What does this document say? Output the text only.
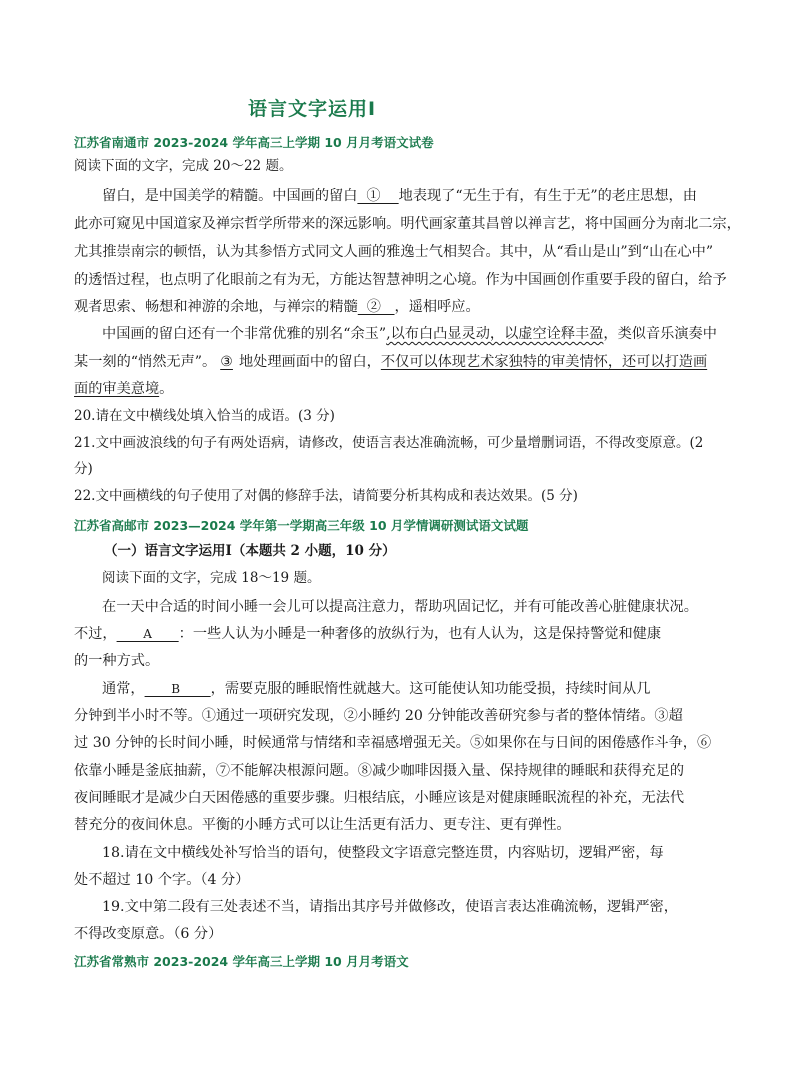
语言文字运用Ⅰ
江苏省南通市 2023-2024 学年高三上学期 10 月月考语文试卷
阅读下面的文字，完成 20～22 题。
留白，是中国美学的精髓。中国画的留白  ①    地表现了“无生于有，有生于无”的老庄思想，由
此亦可窥见中国道家及禅宗哲学所带来的深远影响。明代画家董其昌曾以禅言艺，将中国画分为南北二宗，
尤其推崇南宗的顿悟，认为其参悟方式同文人画的雅逸士气相契合。其中，从“看山是山”到“山在心中”
的透悟过程，也点明了化眼前之有为无，方能达智慧神明之心境。作为中国画创作重要手段的留白，给予
观者思索、畅想和神游的余地，与禅宗的精髓  ②   ，遥相呼应。
中国画的留白还有一个非常优雅的别名“余玉”,以布白凸显灵动，以虚空诠释丰盈，类似音乐演奏中
某一刻的“悄然无声”。 ③ 地处理画面中的留白，不仅可以体现艺术家独特的审美情怀，还可以打造画
面的审美意境。
20.请在文中横线处填入恰当的成语。(3 分)
21.文中画波浪线的句子有两处语病，请修改，使语言表达准确流畅，可少量增删词语，不得改变原意。(2
分)
22.文中画横线的句子使用了对偶的修辞手法，请简要分析其构成和表达效果。(5 分)
江苏省高邮市 2023—2024 学年第一学期高三年级 10 月学情调研测试语文试题
（一）语言文字运用Ⅰ（本题共 2 小题，10 分）
阅读下面的文字，完成 18～19 题。
在一天中合适的时间小睡一会儿可以提高注意力，帮助巩固记忆，并有可能改善心脏健康状况。
不过，       A       ：一些人认为小睡是一种奢侈的放纵行为，也有人认为，这是保持警觉和健康
的一种方式。
通常，       B        ，需要克服的睡眠惰性就越大。这可能使认知功能受损，持续时间从几
分钟到半小时不等。①通过一项研究发现，②小睡约 20 分钟能改善研究参与者的整体情绪。③超
过 30 分钟的长时间小睡，时候通常与情绪和幸福感增强无关。⑤如果你在与日间的困倦感作斗争，⑥
依靠小睡是釜底抽薪，⑦不能解决根源问题。⑧减少咖啡因摄入量、保持规律的睡眠和获得充足的
夜间睡眠才是减少白天困倦感的重要步骤。归根结底，小睡应该是对健康睡眠流程的补充，无法代
替充分的夜间休息。平衡的小睡方式可以让生活更有活力、更专注、更有弹性。
18.请在文中横线处补写恰当的语句，使整段文字语意完整连贯，内容贴切，逻辑严密，每
处不超过 10 个字。（4 分）
19.文中第二段有三处表述不当，请指出其序号并做修改，使语言表达准确流畅，逻辑严密，
不得改变原意。（6 分）
江苏省常熟市 2023-2024 学年高三上学期 10 月月考语文
